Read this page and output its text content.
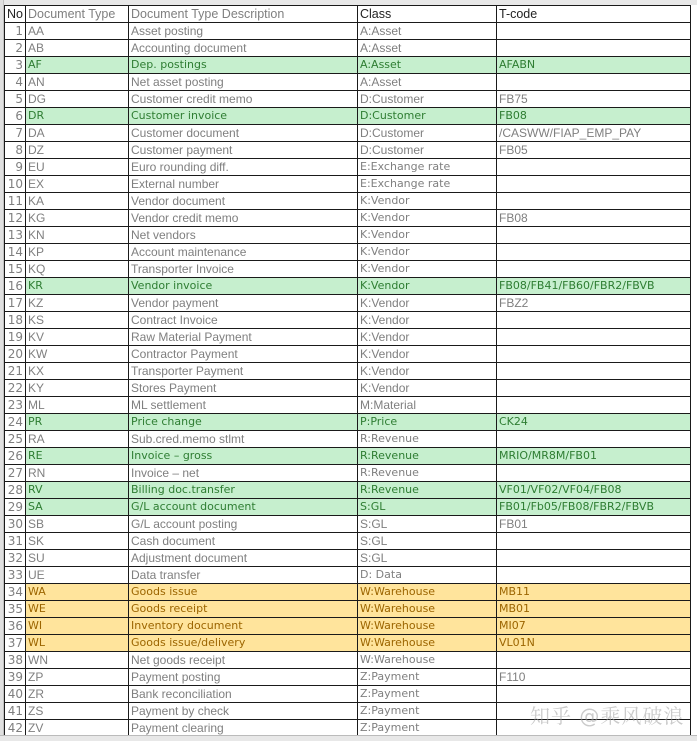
No	Document Type	Document Type Description	Class	T-code
1	AA	Asset posting	A:Asset	
2	AB	Accounting document	A:Asset	
3	AF	Dep. postings	A:Asset	AFABN
4	AN	Net asset posting	A:Asset	
5	DG	Customer credit memo	D:Customer	FB75
6	DR	Customer invoice	D:Customer	FB08
7	DA	Customer document	D:Customer	/CASWW/FIAP_EMP_PAY
8	DZ	Customer payment	D:Customer	FB05
9	EU	Euro rounding diff.	E:Exchange rate	
10	EX	External number	E:Exchange rate	
11	KA	Vendor document	K:Vendor	
12	KG	Vendor credit memo	K:Vendor	FB08
13	KN	Net vendors	K:Vendor	
14	KP	Account maintenance	K:Vendor	
15	KQ	Transporter Invoice	K:Vendor	
16	KR	Vendor invoice	K:Vendor	FB08/FB41/FB60/FBR2/FBVB
17	KZ	Vendor payment	K:Vendor	FBZ2
18	KS	Contract Invoice	K:Vendor	
19	KV	Raw Material Payment	K:Vendor	
20	KW	Contractor Payment	K:Vendor	
21	KX	Transporter Payment	K:Vendor	
22	KY	Stores Payment	K:Vendor	
23	ML	ML settlement	M:Material	
24	PR	Price change	P:Price	CK24
25	RA	Sub.cred.memo stlmt	R:Revenue	
26	RE	Invoice – gross	R:Revenue	MRIO/MR8M/FB01
27	RN	Invoice – net	R:Revenue	
28	RV	Billing doc.transfer	R:Revenue	VF01/VF02/VF04/FB08
29	SA	G/L account document	S:GL	FB01/Fb05/FB08/FBR2/FBVB
30	SB	G/L account posting	S:GL	FB01
31	SK	Cash document	S:GL	
32	SU	Adjustment document	S:GL	
33	UE	Data transfer	D: Data	
34	WA	Goods issue	W:Warehouse	MB11
35	WE	Goods receipt	W:Warehouse	MB01
36	WI	Inventory document	W:Warehouse	MI07
37	WL	Goods issue/delivery	W:Warehouse	VL01N
38	WN	Net goods receipt	W:Warehouse	
39	ZP	Payment posting	Z:Payment	F110
40	ZR	Bank reconciliation	Z:Payment	
41	ZS	Payment by check	Z:Payment	
42	ZV	Payment clearing	Z:Payment		知乎 @乘风破浪
